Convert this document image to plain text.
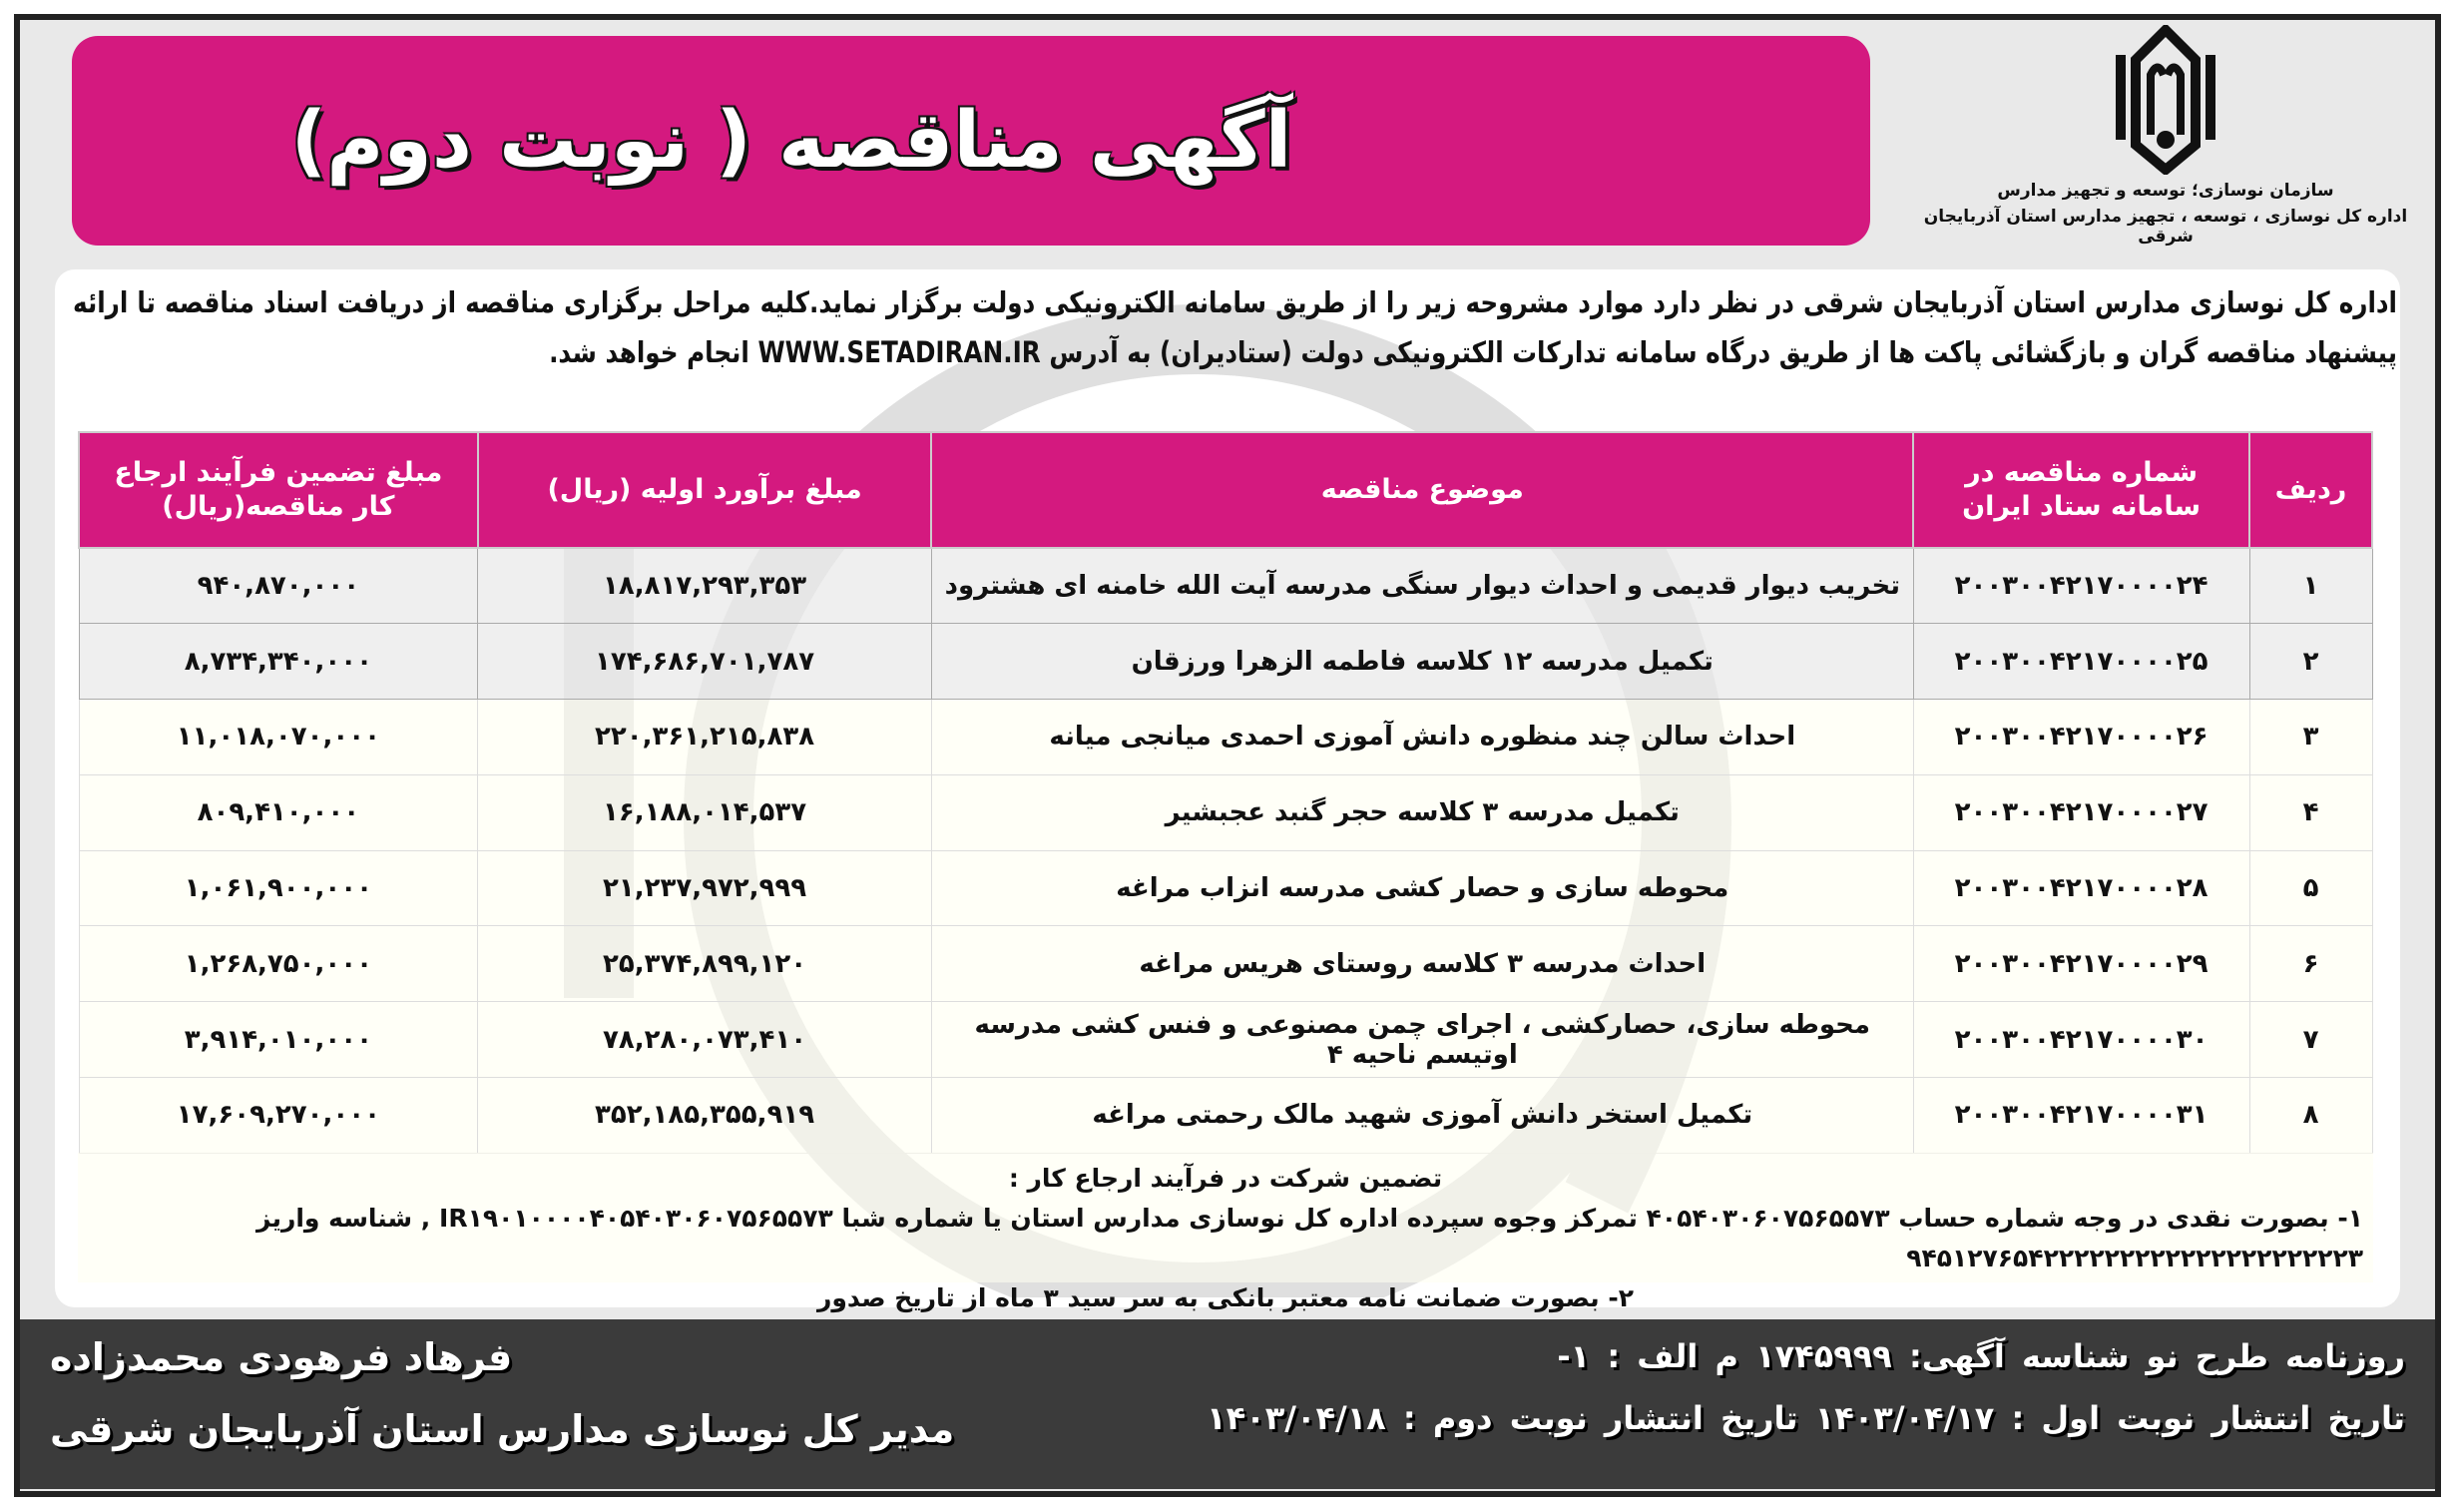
آگهی مناقصه ( نوبت دوم)
سازمان نوسازی؛ توسعه و تجهیز مدارس
اداره کل نوسازی ، توسعه ، تجهیز مدارس استان آذربایجان شرقی

اداره کل نوسازی مدارس استان آذربایجان شرقی در نظر دارد موارد مشروحه زیر را از طریق سامانه الکترونیکی دولت برگزار نماید.کلیه مراحل برگزاری مناقصه از دریافت اسناد مناقصه تا ارائه پیشنهاد مناقصه گران و بازگشائی پاکت ها از طریق درگاه سامانه تدارکات الکترونیکی دولت (ستادیران) به آدرس WWW.SETADIRAN.IR انجام خواهد شد.

ردیف	شماره مناقصه در سامانه ستاد ایران	موضوع مناقصه	مبلغ برآورد اولیه (ریال)	مبلغ تضمین فرآیند ارجاع کار مناقصه(ریال)
۱	۲۰۰۳۰۰۴۲۱۷۰۰۰۰۲۴	تخریب دیوار قدیمی و احداث دیوار سنگی مدرسه آیت الله خامنه ای هشترود	۱۸,۸۱۷,۲۹۳,۳۵۳	۹۴۰,۸۷۰,۰۰۰
۲	۲۰۰۳۰۰۴۲۱۷۰۰۰۰۲۵	تکمیل مدرسه ۱۲ کلاسه فاطمه الزهرا ورزقان	۱۷۴,۶۸۶,۷۰۱,۷۸۷	۸,۷۳۴,۳۴۰,۰۰۰
۳	۲۰۰۳۰۰۴۲۱۷۰۰۰۰۲۶	احداث سالن چند منظوره دانش آموزی احمدی میانجی میانه	۲۲۰,۳۶۱,۲۱۵,۸۳۸	۱۱,۰۱۸,۰۷۰,۰۰۰
۴	۲۰۰۳۰۰۴۲۱۷۰۰۰۰۲۷	تکمیل مدرسه ۳ کلاسه حجر گنبد عجبشیر	۱۶,۱۸۸,۰۱۴,۵۳۷	۸۰۹,۴۱۰,۰۰۰
۵	۲۰۰۳۰۰۴۲۱۷۰۰۰۰۲۸	محوطه سازی و حصار کشی مدرسه انزاب مراغه	۲۱,۲۳۷,۹۷۲,۹۹۹	۱,۰۶۱,۹۰۰,۰۰۰
۶	۲۰۰۳۰۰۴۲۱۷۰۰۰۰۲۹	احداث مدرسه ۳ کلاسه روستای هریس مراغه	۲۵,۳۷۴,۸۹۹,۱۲۰	۱,۲۶۸,۷۵۰,۰۰۰
۷	۲۰۰۳۰۰۴۲۱۷۰۰۰۰۳۰	محوطه سازی، حصارکشی ، اجرای چمن مصنوعی و فنس کشی مدرسه اوتیسم ناحیه ۴	۷۸,۲۸۰,۰۷۳,۴۱۰	۳,۹۱۴,۰۱۰,۰۰۰
۸	۲۰۰۳۰۰۴۲۱۷۰۰۰۰۳۱	تکمیل استخر دانش آموزی شهید مالک رحمتی مراغه	۳۵۲,۱۸۵,۳۵۵,۹۱۹	۱۷,۶۰۹,۲۷۰,۰۰۰
تضمین شرکت در فرآیند ارجاع کار :
۱- بصورت نقدی در وجه شماره حساب ۴۰۵۴۰۳۰۶۰۷۵۶۵۵۷۳ تمرکز وجوه سپرده اداره کل نوسازی مدارس استان یا شماره شبا IR۱۹۰۱۰۰۰۰۴۰۵۴۰۳۰۶۰۷۵۶۵۵۷۳ , شناسه واریز ۹۴۵۱۲۷۶۵۴۲۲۲۲۲۲۲۲۲۲۲۲۲۲۲۲۲۲۲۲۳
۲- بصورت ضمانت نامه معتبر بانکی به سر سید ۳ ماه از تاریخ صدور
روزنامه طرح نو شناسه آگهی: ۱۷۴۵۹۹۹ م الف : ۱-
تاریخ انتشار نوبت اول : ۱۴۰۳/۰۴/۱۷ تاریخ انتشار نوبت دوم : ۱۴۰۳/۰۴/۱۸
فرهاد فرهودی محمدزاده
مدیر کل نوسازی مدارس استان آذربایجان شرقی
